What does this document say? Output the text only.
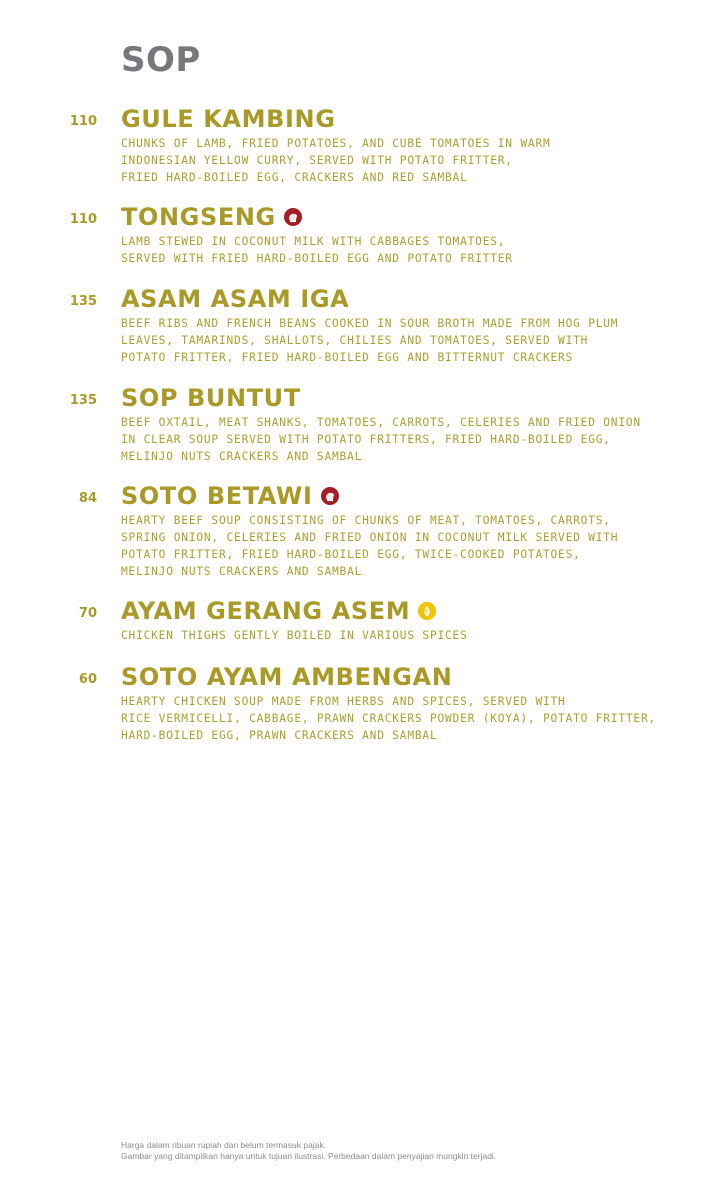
SOP
110 GULE KAMBING
CHUNKS OF LAMB, FRIED POTATOES, AND CUBE TOMATOES IN WARM
INDONESIAN YELLOW CURRY, SERVED WITH POTATO FRITTER,
FRIED HARD-BOILED EGG, CRACKERS AND RED SAMBAL
110 TONGSENG
LAMB STEWED IN COCONUT MILK WITH CABBAGES TOMATOES,
SERVED WITH FRIED HARD-BOILED EGG AND POTATO FRITTER
135 ASAM ASAM IGA
BEEF RIBS AND FRENCH BEANS COOKED IN SOUR BROTH MADE FROM HOG PLUM
LEAVES, TAMARINDS, SHALLOTS, CHILIES AND TOMATOES, SERVED WITH
POTATO FRITTER, FRIED HARD-BOILED EGG AND BITTERNUT CRACKERS
135 SOP BUNTUT
BEEF OXTAIL, MEAT SHANKS, TOMATOES, CARROTS, CELERIES AND FRIED ONION
IN CLEAR SOUP SERVED WITH POTATO FRITTERS, FRIED HARD-BOILED EGG,
MELINJO NUTS CRACKERS AND SAMBAL
84 SOTO BETAWI
HEARTY BEEF SOUP CONSISTING OF CHUNKS OF MEAT, TOMATOES, CARROTS,
SPRING ONION, CELERIES AND FRIED ONION IN COCONUT MILK SERVED WITH
POTATO FRITTER, FRIED HARD-BOILED EGG, TWICE-COOKED POTATOES,
MELINJO NUTS CRACKERS AND SAMBAL
70 AYAM GERANG ASEM
CHICKEN THIGHS GENTLY BOILED IN VARIOUS SPICES
60 SOTO AYAM AMBENGAN
HEARTY CHICKEN SOUP MADE FROM HERBS AND SPICES, SERVED WITH
RICE VERMICELLI, CABBAGE, PRAWN CRACKERS POWDER (KOYA), POTATO FRITTER,
HARD-BOILED EGG, PRAWN CRACKERS AND SAMBAL
Harga dalam ribuan rupiah dan belum termasuk pajak.
Gambar yang ditampilkan hanya untuk tujuan ilustrasi. Perbedaan dalam penyajian mungkin terjadi.
